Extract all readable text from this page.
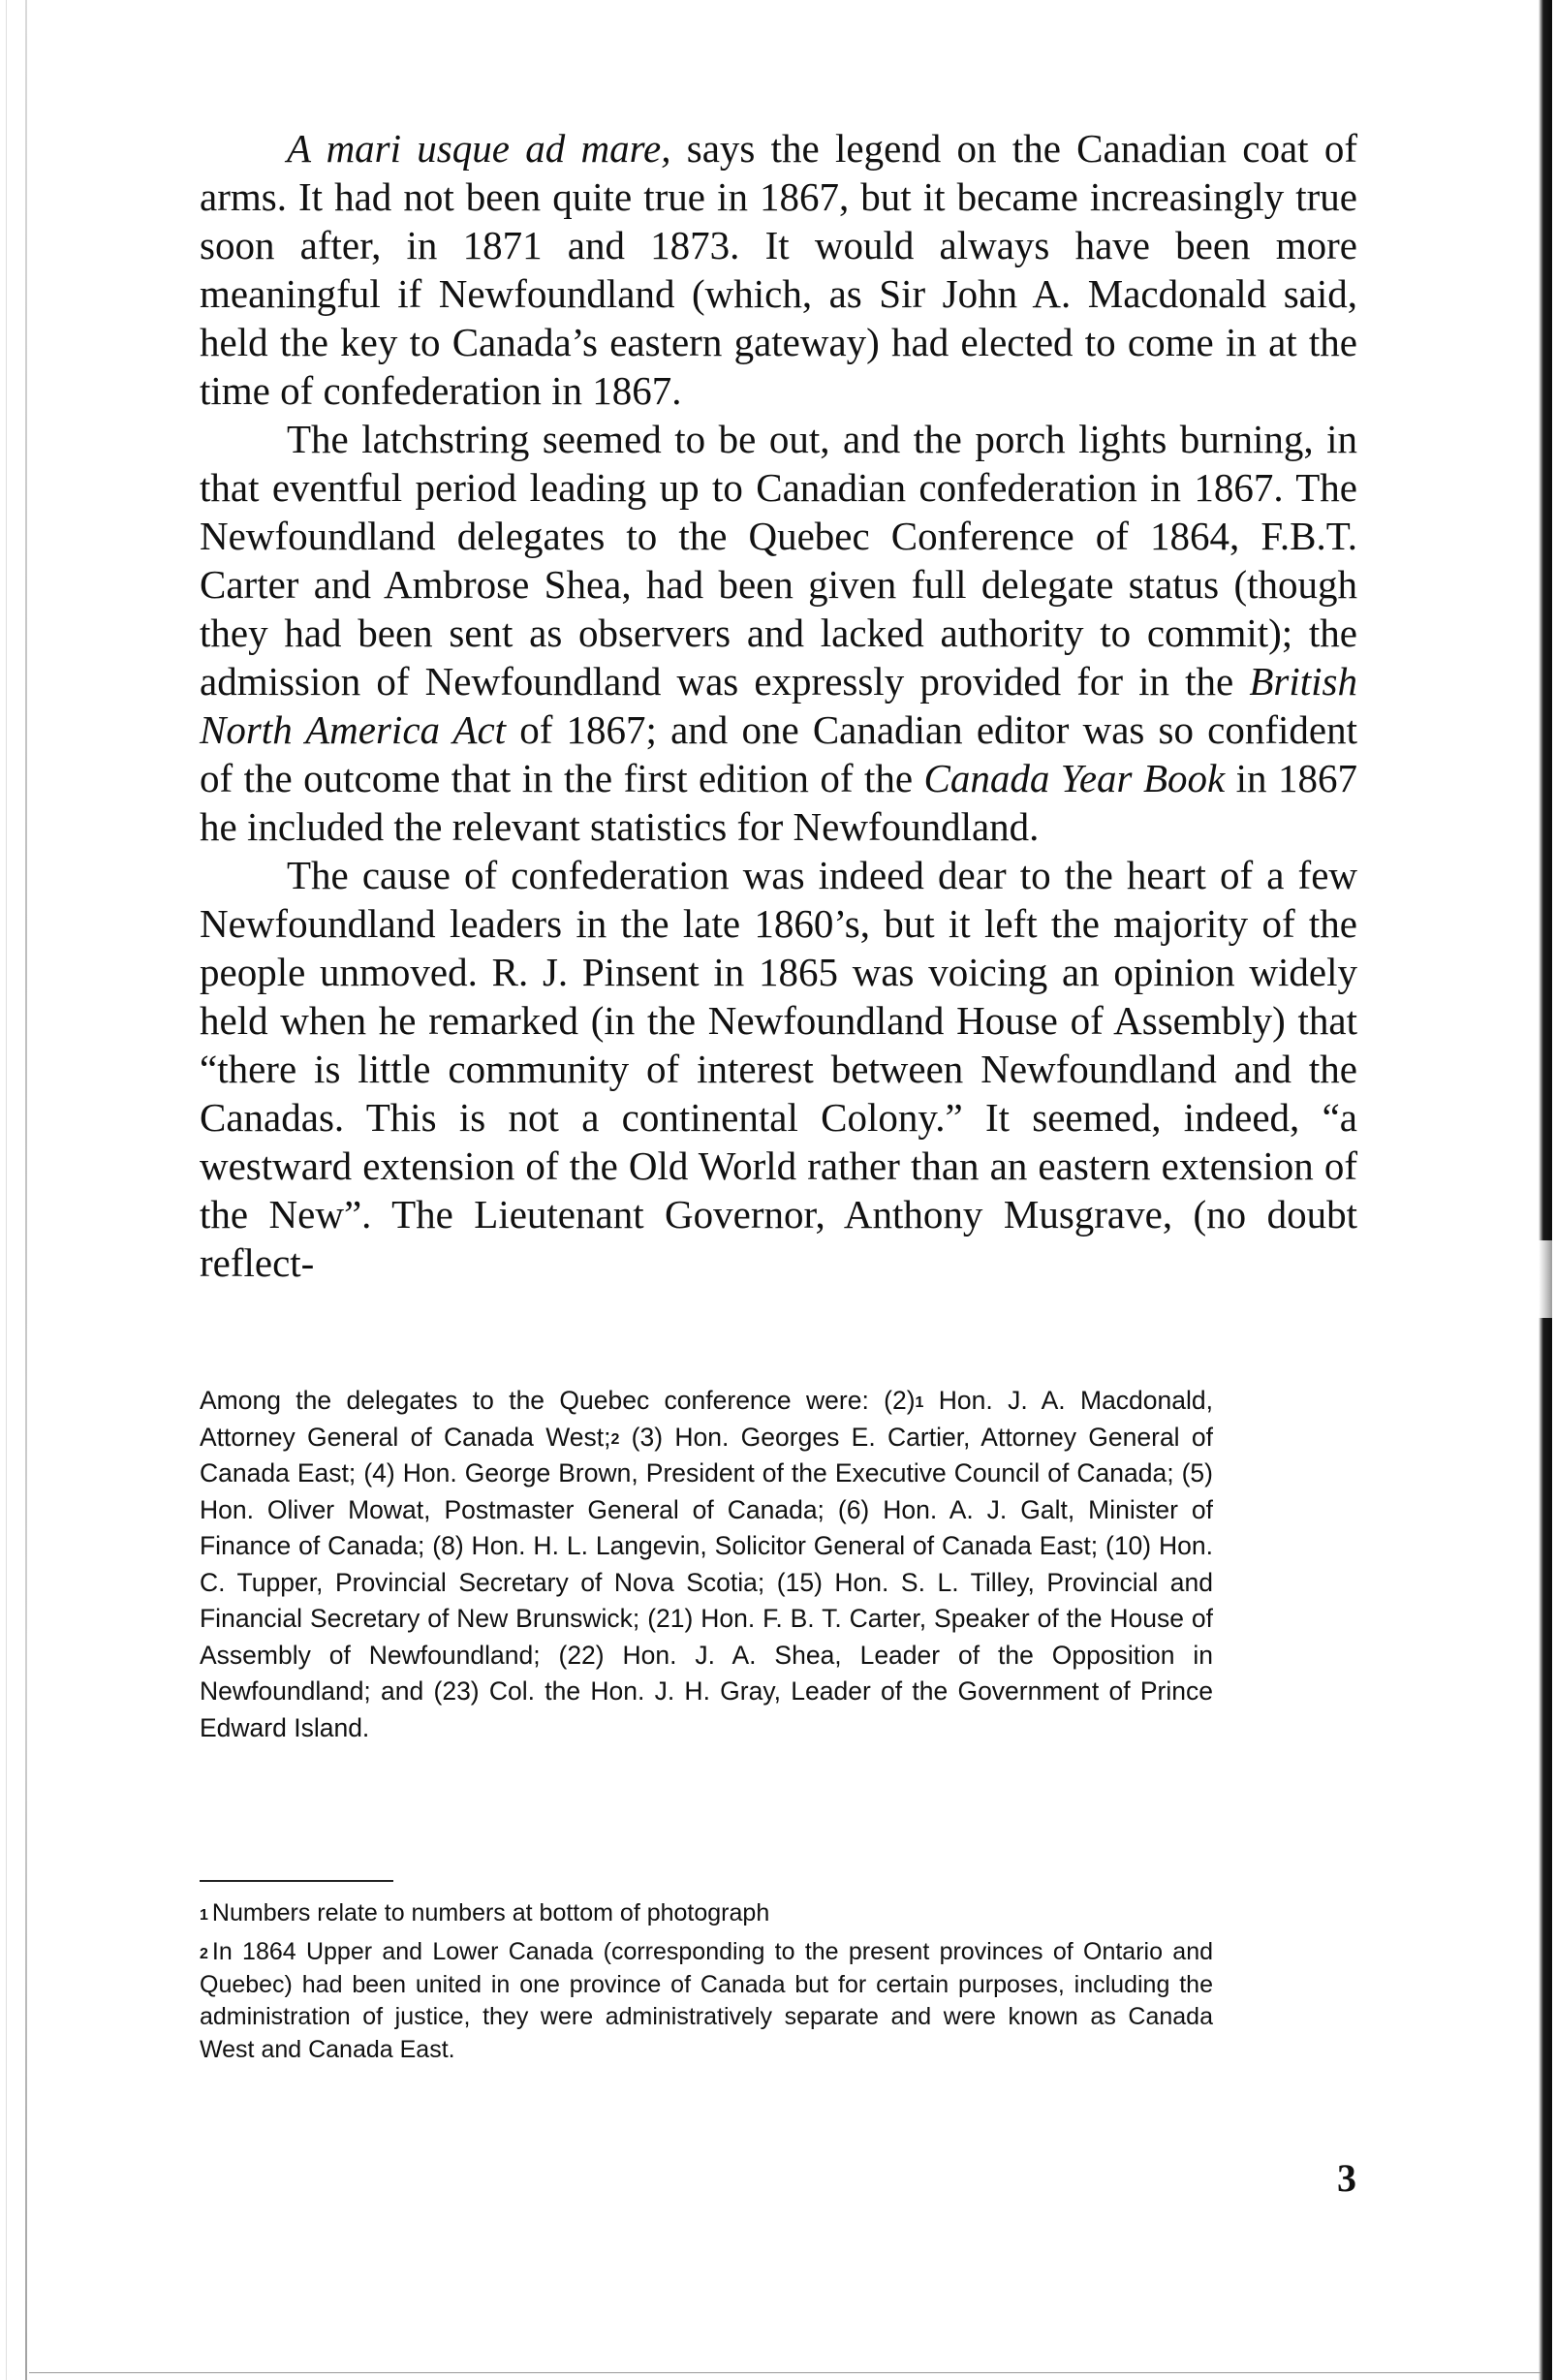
A mari usque ad mare, says the legend on the Canadian coat of arms. It had not been quite true in 1867, but it became increasingly true soon after, in 1871 and 1873. It would always have been more meaningful if Newfoundland (which, as Sir John A. Macdonald said, held the key to Canada’s eastern gateway) had elected to come in at the time of confederation in 1867.

The latchstring seemed to be out, and the porch lights burning, in that eventful period leading up to Canadian confederation in 1867. The Newfoundland delegates to the Quebec Conference of 1864, F.B.T. Carter and Ambrose Shea, had been given full delegate status (though they had been sent as observers and lacked authority to commit); the admission of Newfoundland was expressly provided for in the British North America Act of 1867; and one Canadian editor was so confident of the outcome that in the first edition of the Canada Year Book in 1867 he included the relevant statistics for Newfoundland.

The cause of confederation was indeed dear to the heart of a few Newfoundland leaders in the late 1860’s, but it left the majority of the people unmoved. R. J. Pinsent in 1865 was voicing an opinion widely held when he remarked (in the Newfoundland House of Assembly) that “there is little community of interest between Newfoundland and the Canadas. This is not a continental Colony.” It seemed, indeed, “a westward extension of the Old World rather than an eastern extension of the New”. The Lieutenant Governor, Anthony Musgrave, (no doubt reflect-

Among the delegates to the Quebec conference were: $(2)^1$ Hon. J. A. Macdonald, Attorney General of Canada West;$^2$ (3) Hon. Georges E. Cartier, Attorney General of Canada East; (4) Hon. George Brown, President of the Executive Council of Canada; (5) Hon. Oliver Mowat, Postmaster General of Canada; (6) Hon. A. J. Galt, Minister of Finance of Canada; (8) Hon. H. L. Langevin, Solicitor General of Canada East; (10) Hon. C. Tupper, Provincial Secretary of Nova Scotia; (15) Hon. S. L. Tilley, Provincial and Financial Secretary of New Brunswick; (21) Hon. F. B. T. Carter, Speaker of the House of Assembly of Newfoundland; (22) Hon. J. A. Shea, Leader of the Opposition in Newfoundland; and (23) Col. the Hon. J. H. Gray, Leader of the Government of Prince Edward Island.

$^1$ Numbers relate to numbers at bottom of photograph

$^2$ In 1864 Upper and Lower Canada (corresponding to the present provinces of Ontario and Quebec) had been united in one province of Canada but for certain purposes, including the administration of justice, they were administratively separate and were known as Canada West and Canada East.

3
